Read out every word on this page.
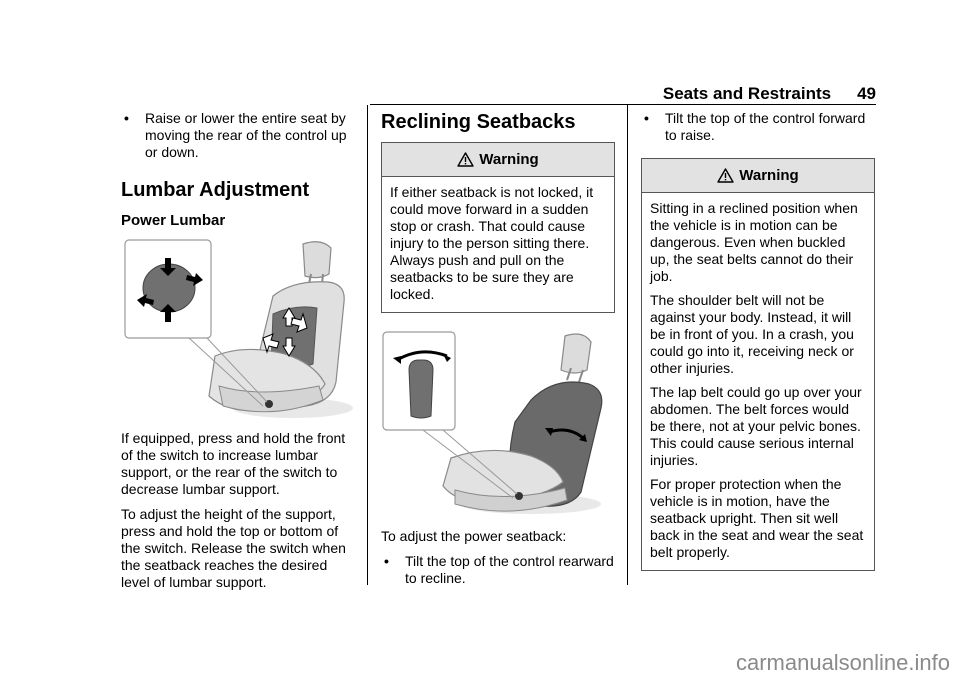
Seats and Restraints 49
• Raise or lower the entire seat by moving the rear of the control up or down.
Lumbar Adjustment
Power Lumbar

If equipped, press and hold the front of the switch to increase lumbar support, or the rear of the switch to decrease lumbar support.

To adjust the height of the support, press and hold the top or bottom of the switch. Release the switch when the seatback reaches the desired level of lumbar support.

Reclining Seatbacks
Warning

If either seatback is not locked, it could move forward in a sudden stop or crash. That could cause injury to the person sitting there. Always push and pull on the seatbacks to be sure they are locked.

To adjust the power seatback:

• Tilt the top of the control rearward to recline.
• Tilt the top of the control forward to raise.
Warning

Sitting in a reclined position when the vehicle is in motion can be dangerous. Even when buckled up, the seat belts cannot do their job.

The shoulder belt will not be against your body. Instead, it will be in front of you. In a crash, you could go into it, receiving neck or other injuries.

The lap belt could go up over your abdomen. The belt forces would be there, not at your pelvic bones. This could cause serious internal injuries.

For proper protection when the vehicle is in motion, have the seatback upright. Then sit well back in the seat and wear the seat belt properly.

carmanualsonline.info
